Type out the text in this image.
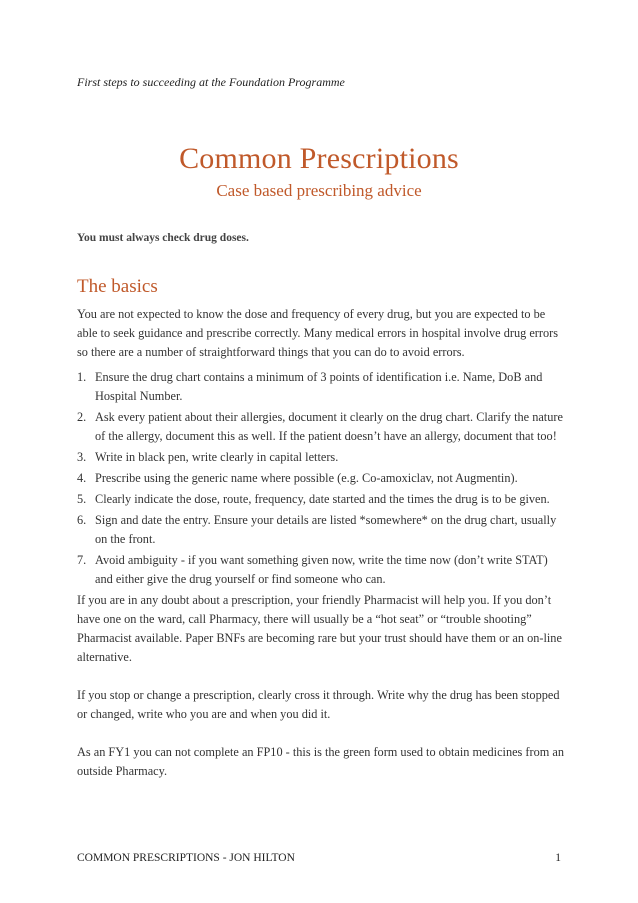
First steps to succeeding at the Foundation Programme
Common Prescriptions
Case based prescribing advice
You must always check drug doses.
The basics

You are not expected to know the dose and frequency of every drug, but you are expected to be able to seek guidance and prescribe correctly. Many medical errors in hospital involve drug errors so there are a number of straightforward things that you can do to avoid errors.

1. Ensure the drug chart contains a minimum of 3 points of identification i.e. Name, DoB and Hospital Number.
2. Ask every patient about their allergies, document it clearly on the drug chart. Clarify the nature of the allergy, document this as well. If the patient doesn’t have an allergy, document that too!
3. Write in black pen, write clearly in capital letters.
4. Prescribe using the generic name where possible (e.g. Co-amoxiclav, not Augmentin).
5. Clearly indicate the dose, route, frequency, date started and the times the drug is to be given.
6. Sign and date the entry. Ensure your details are listed *somewhere* on the drug chart, usually on the front.
7. Avoid ambiguity - if you want something given now, write the time now (don’t write STAT) and either give the drug yourself or find someone who can.

If you are in any doubt about a prescription, your friendly Pharmacist will help you. If you don’t have one on the ward, call Pharmacy, there will usually be a “hot seat” or “trouble shooting” Pharmacist available. Paper BNFs are becoming rare but your trust should have them or an on-line alternative.

If you stop or change a prescription, clearly cross it through. Write why the drug has been stopped or changed, write who you are and when you did it.

As an FY1 you can not complete an FP10 - this is the green form used to obtain medicines from an outside Pharmacy.

COMMON PRESCRIPTIONS - JON HILTON	1
